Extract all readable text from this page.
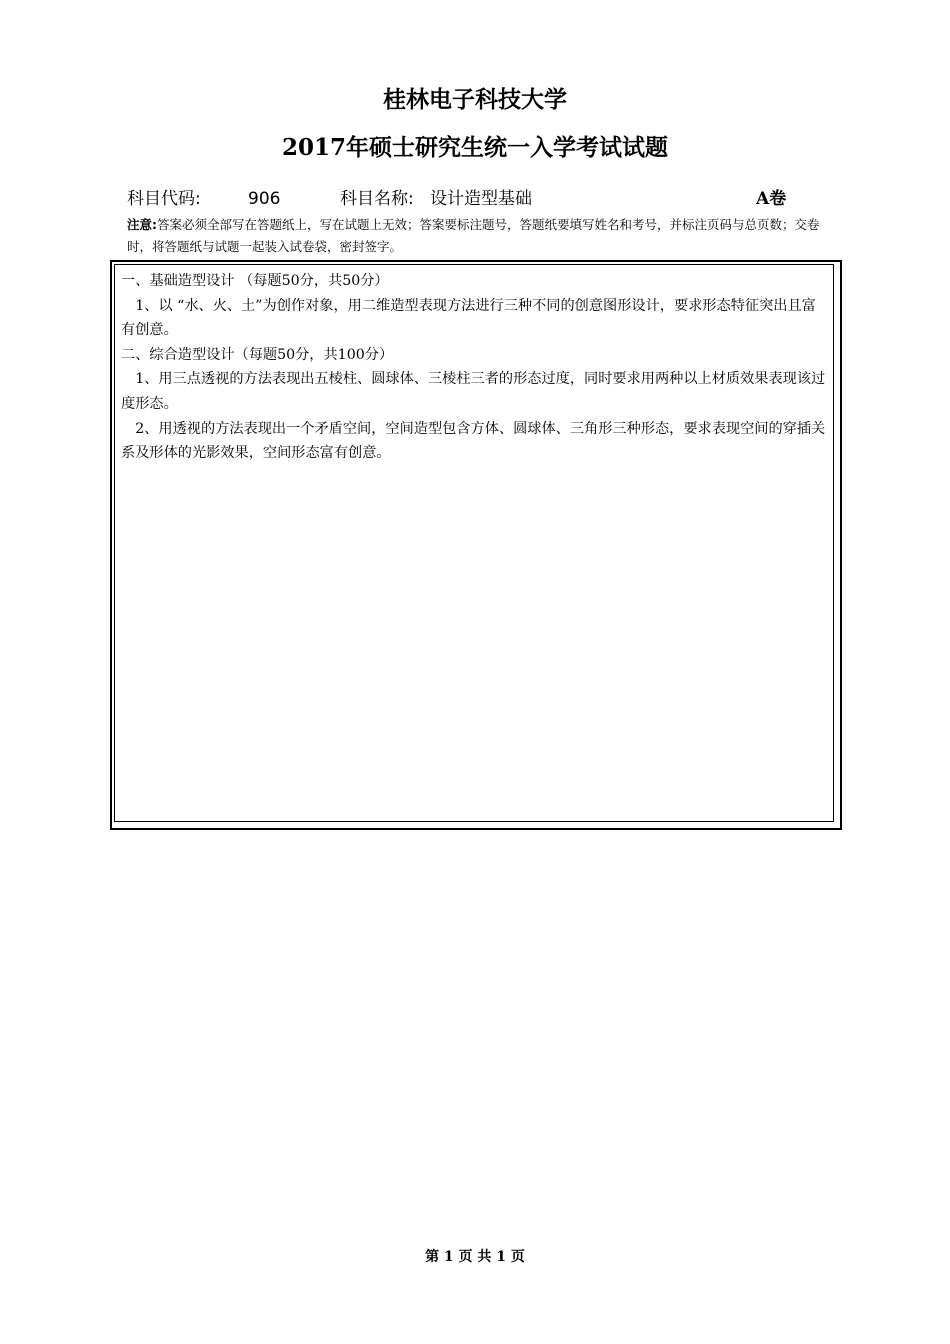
桂林电子科技大学
2017年硕士研究生统一入学考试试题
科目代码:	906	科目名称: 设计造型基础	A卷
注意:答案必须全部写在答题纸上，写在试题上无效；答案要标注题号，答题纸要填写姓名和考号，并标注页码与总页数；交卷时，将答题纸与试题一起装入试卷袋，密封签字。

一、基础造型设计 （每题50分，共50分）

1、以 “水、火、土”为创作对象，用二维造型表现方法进行三种不同的创意图形设计，要求形态特征突出且富有创意。

二、综合造型设计（每题50分，共100分）

1、用三点透视的方法表现出五棱柱、圆球体、三棱柱三者的形态过度，同时要求用两种以上材质效果表现该过度形态。

2、用透视的方法表现出一个矛盾空间，空间造型包含方体、圆球体、三角形三种形态，要求表现空间的穿插关系及形体的光影效果，空间形态富有创意。

第 1 页 共 1 页
